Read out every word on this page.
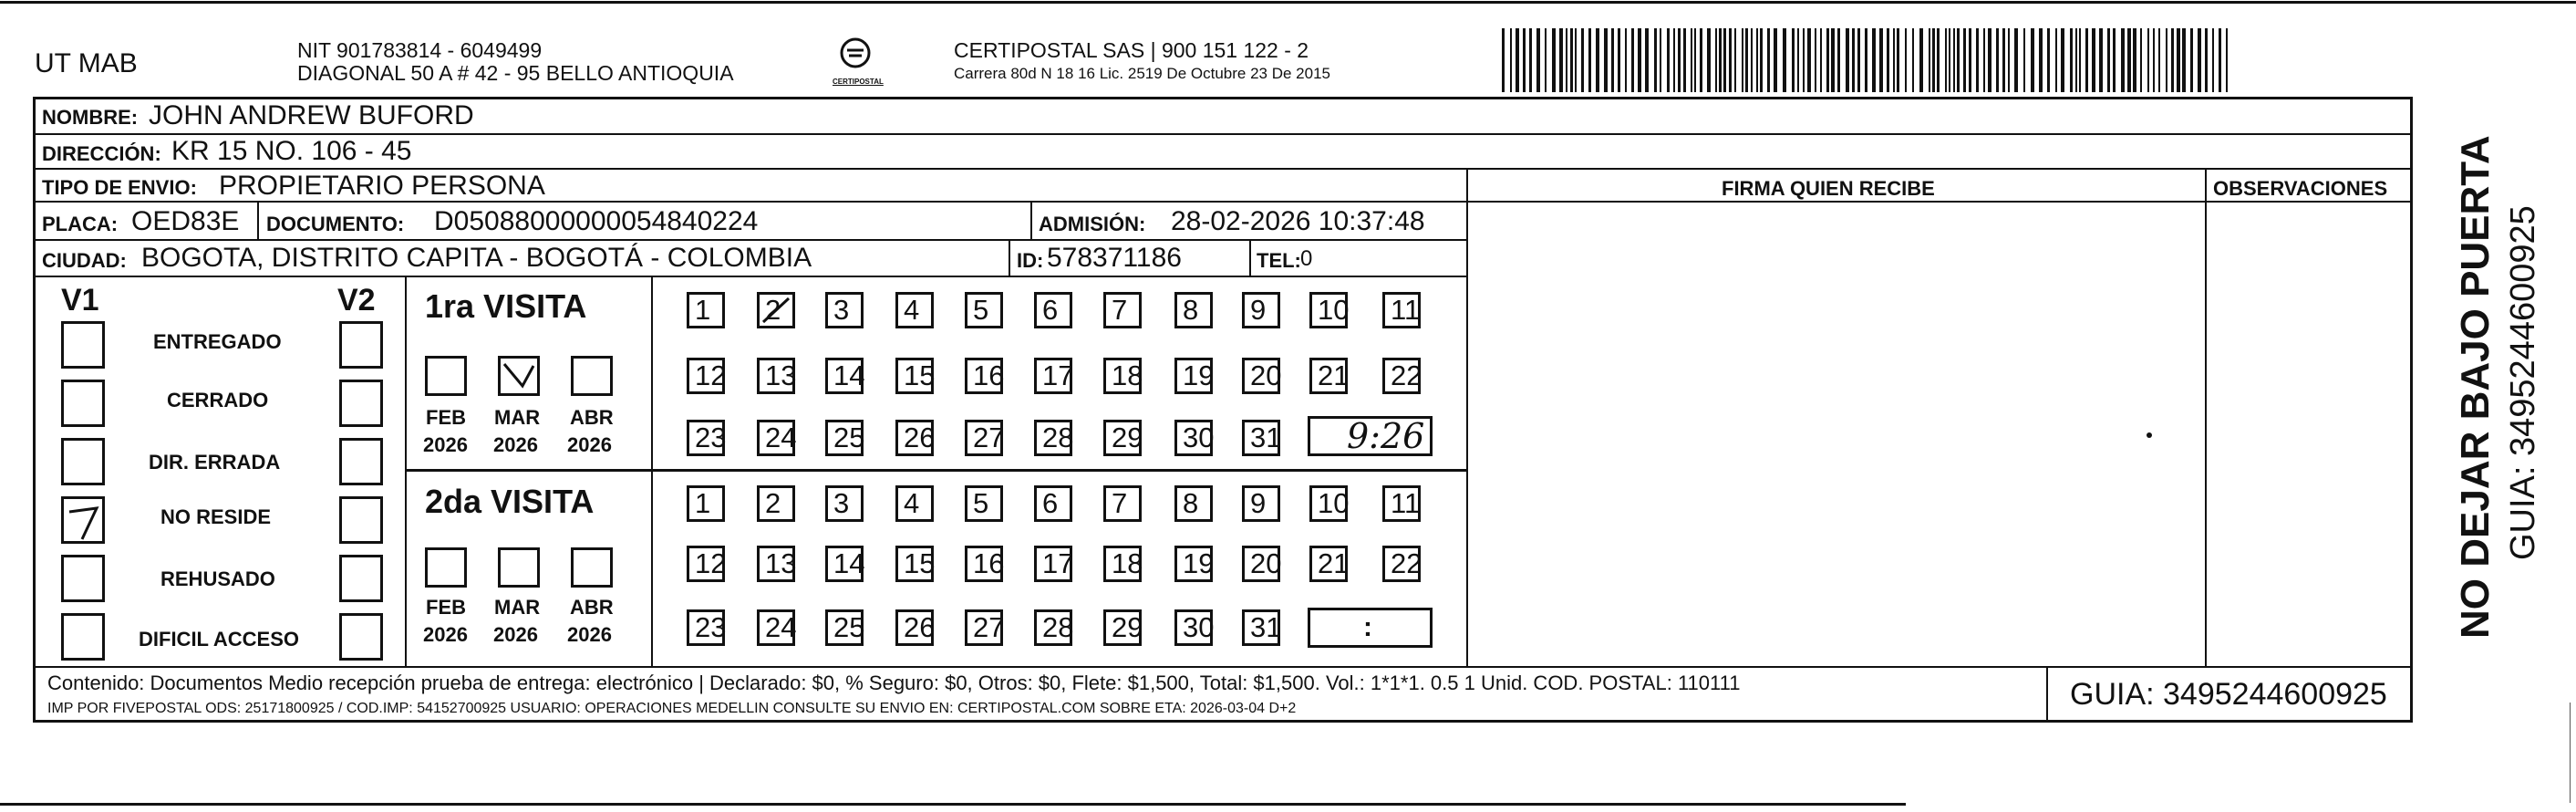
UT MAB	NIT 901783814 - 6049499
DIAGONAL 50 A # 42 - 95 BELLO ANTIOQUIA	CERTIPOSTAL
CERTIPOSTAL SAS | 900 151 122 - 2
Carrera 80d N 18 16 Lic. 2519 De Octubre 23 De 2015
NOMBRE: JOHN ANDREW BUFORD
DIRECCIÓN: KR 15 NO. 106 - 45
TIPO DE ENVIO: PROPIETARIO PERSONA	FIRMA QUIEN RECIBE	OBSERVACIONES
PLACA: OED83E DOCUMENTO: D05088000000054840224	ADMISIÓN: 28-02-2026 10:37:48
CIUDAD: BOGOTA, DISTRITO CAPITA - BOGOTÁ - COLOMBIA	ID: 578371186	TEL: 0
V1	V2
ENTREGADO
CERRADO
DIR. ERRADA
NO RESIDE
REHUSADO
DIFICIL ACCESO
1ra VISITA
FEB MAR ABR
2026 2026 2026
2da VISITA
FEB MAR ABR
2026 2026 2026
1	2	3	4	5	6	7	8	9	10 11
12 13 14 15 16 17 18 19 20 21 22
23 24 25 26 27 28 29 30 31
1	2	3	4	5	6	7	8	9	10 11
12 13 14 15 16 17 18 19 20 21 22
23 24 25 26 27 28 29 30 31
9:26
:
Contenido: Documentos Medio recepción prueba de entrega: electrónico | Declarado: $0, % Seguro: $0, Otros: $0, Flete: $1,500, Total: $1,500. Vol.: 1*1*1. 0.5 1 Unid. COD. POSTAL: 110111
IMP POR FIVEPOSTAL ODS: 25171800925 / COD.IMP: 54152700925 USUARIO: OPERACIONES MEDELLIN CONSULTE SU ENVIO EN: CERTIPOSTAL.COM SOBRE ETA: 2026-03-04 D+2	GUIA: 3495244600925
NO DEJAR BAJO PUERTA GUIA: 3495244600925
